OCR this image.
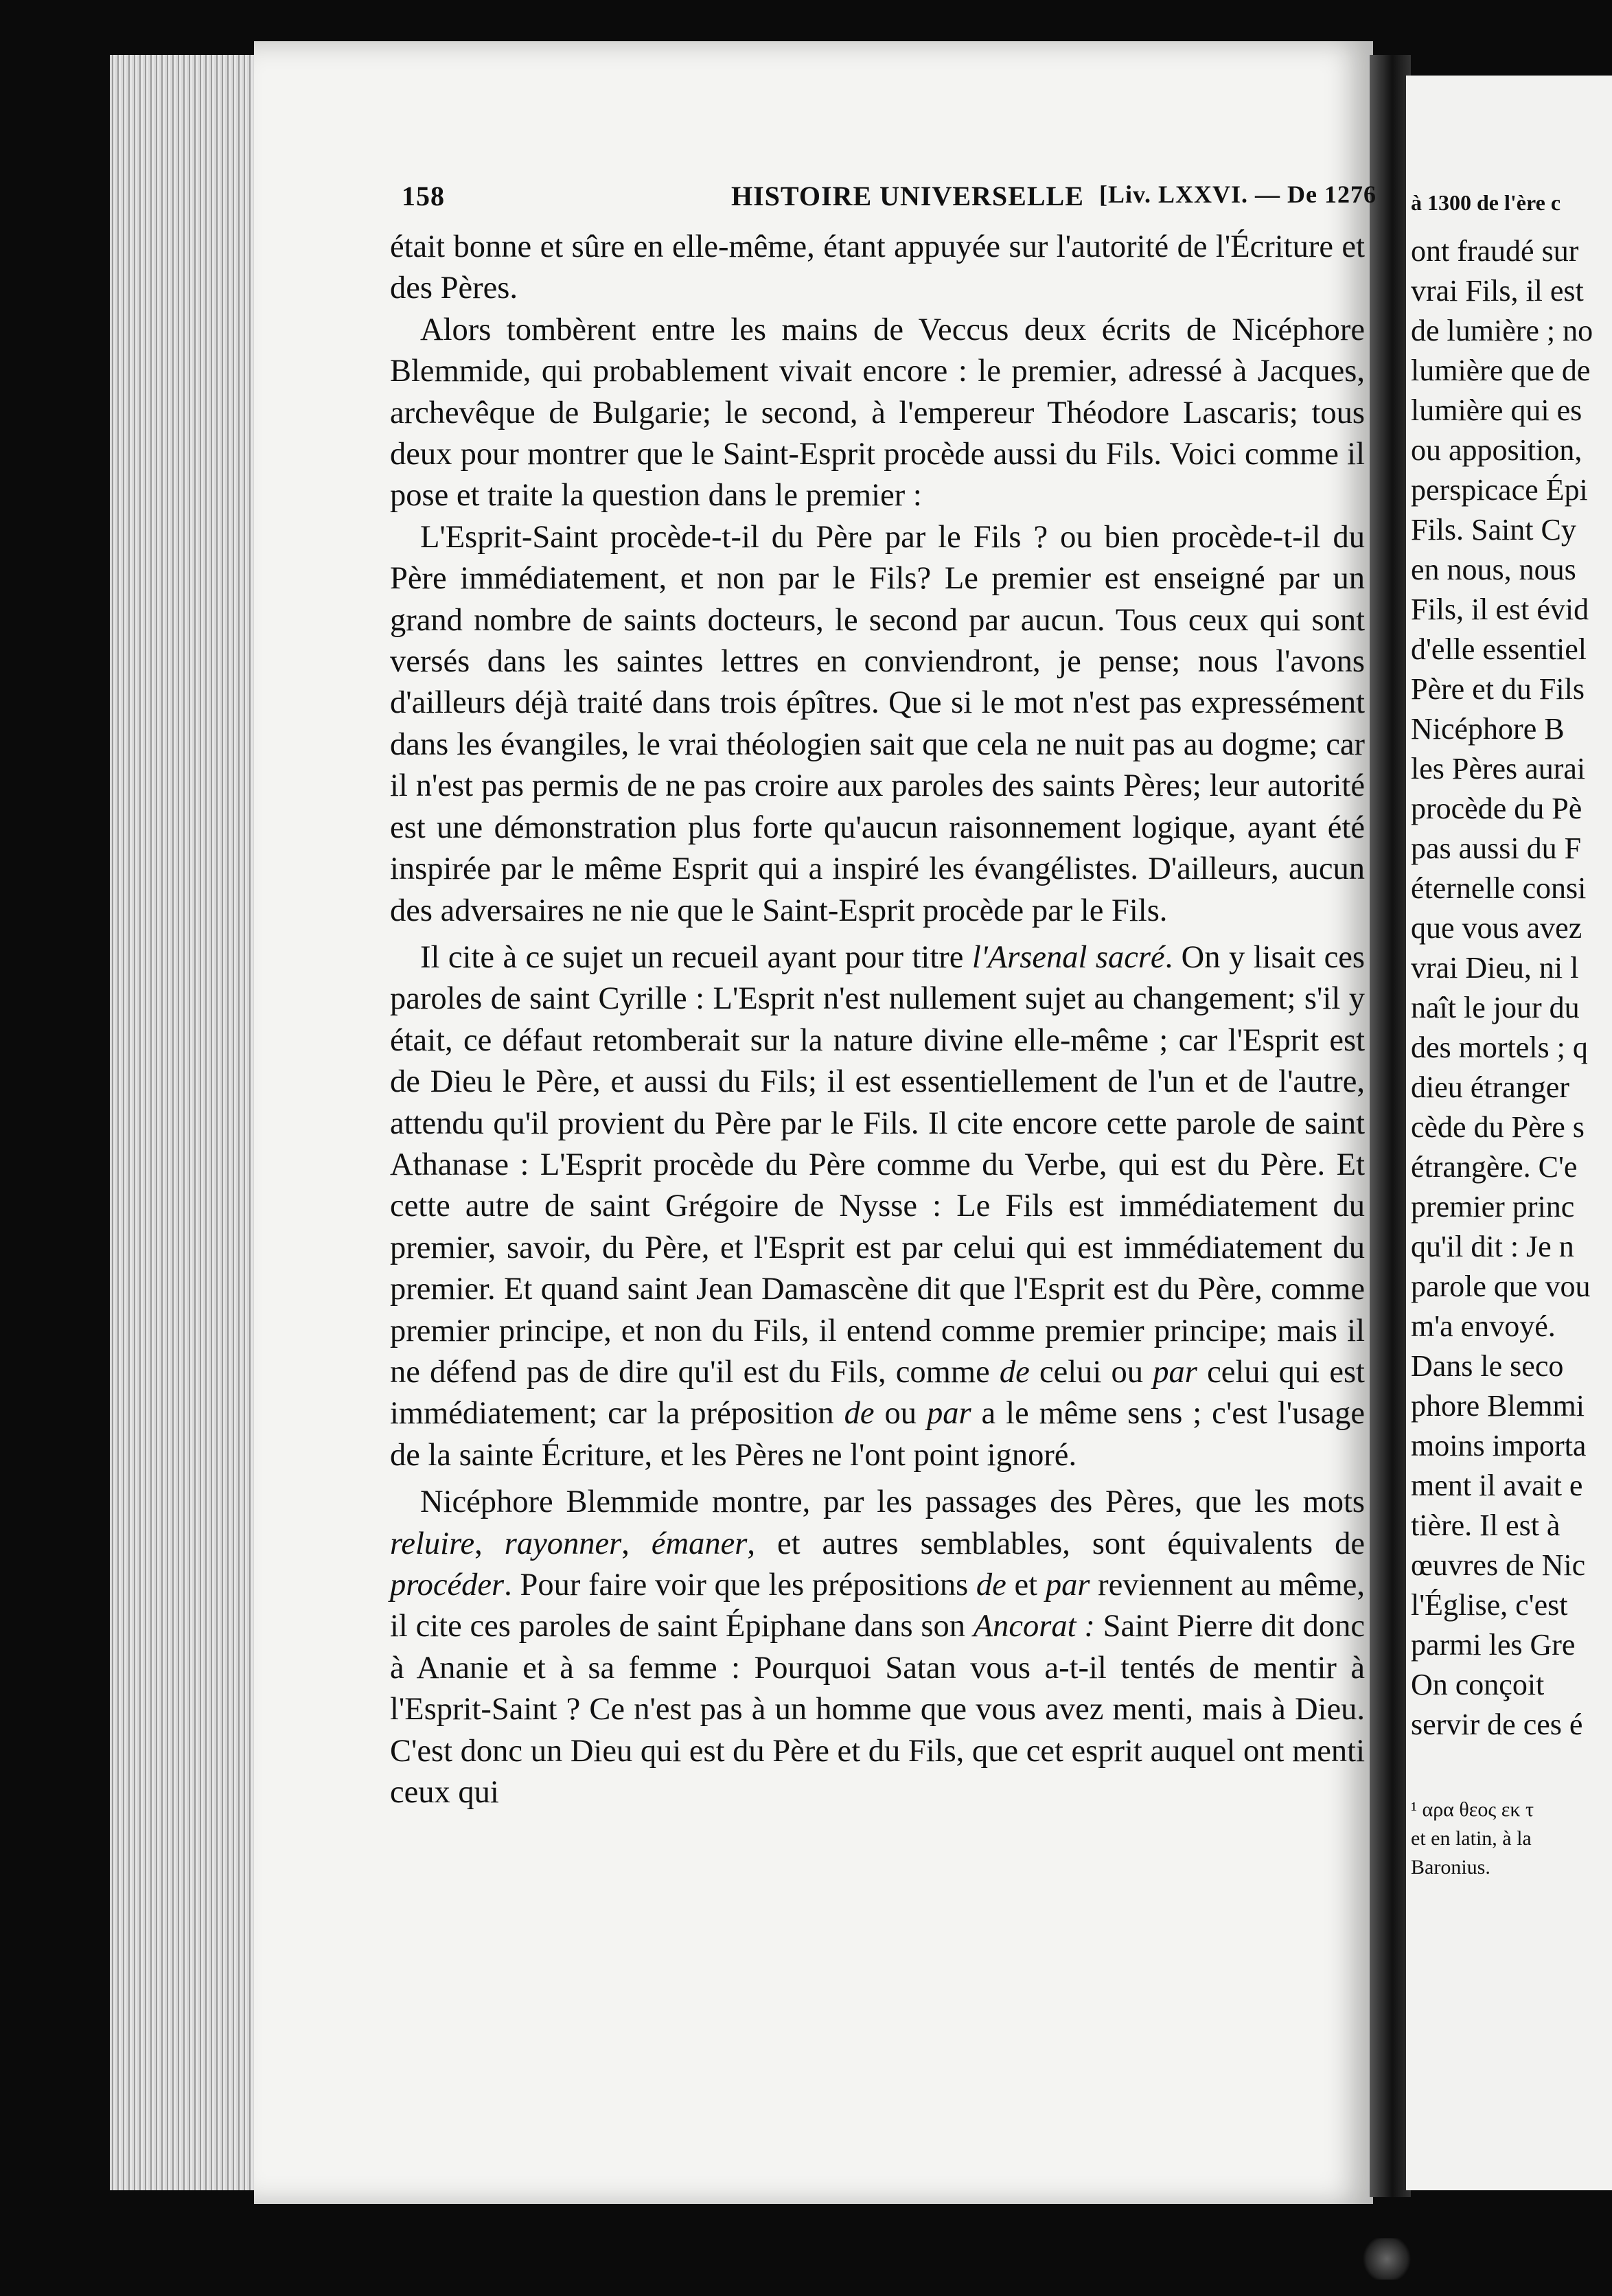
158	HISTOIRE UNIVERSELLE [Liv. LXXVI. — De 1276

était bonne et sûre en elle-même, étant appuyée sur l'autorité de l'Écriture et des Pères.

Alors tombèrent entre les mains de Veccus deux écrits de Nicéphore Blemmide, qui probablement vivait encore : le premier, adressé à Jacques, archevêque de Bulgarie; le second, à l'empereur Théodore Lascaris; tous deux pour montrer que le Saint-Esprit procède aussi du Fils. Voici comme il pose et traite la question dans le premier :

L'Esprit-Saint procède-t-il du Père par le Fils ? ou bien procède-t-il du Père immédiatement, et non par le Fils? Le premier est enseigné par un grand nombre de saints docteurs, le second par aucun. Tous ceux qui sont versés dans les saintes lettres en conviendront, je pense; nous l'avons d'ailleurs déjà traité dans trois épîtres. Que si le mot n'est pas expressément dans les évangiles, le vrai théologien sait que cela ne nuit pas au dogme; car il n'est pas permis de ne pas croire aux paroles des saints Pères; leur autorité est une démonstration plus forte qu'aucun raisonnement logique, ayant été inspirée par le même Esprit qui a inspiré les évangélistes. D'ailleurs, aucun des adversaires ne nie que le Saint-Esprit procède par le Fils.

Il cite à ce sujet un recueil ayant pour titre l'Arsenal sacré. On y lisait ces paroles de saint Cyrille : L'Esprit n'est nullement sujet au changement; s'il y était, ce défaut retomberait sur la nature divine elle-même ; car l'Esprit est de Dieu le Père, et aussi du Fils; il est essentiellement de l'un et de l'autre, attendu qu'il provient du Père par le Fils. Il cite encore cette parole de saint Athanase : L'Esprit procède du Père comme du Verbe, qui est du Père. Et cette autre de saint Grégoire de Nysse : Le Fils est immédiatement du premier, savoir, du Père, et l'Esprit est par celui qui est immédiatement du premier. Et quand saint Jean Damascène dit que l'Esprit est du Père, comme premier principe, et non du Fils, il entend comme premier principe; mais il ne défend pas de dire qu'il est du Fils, comme de celui ou par celui qui est immédiatement; car la préposition de ou par a le même sens ; c'est l'usage de la sainte Écriture, et les Pères ne l'ont point ignoré.

Nicéphore Blemmide montre, par les passages des Pères, que les mots reluire, rayonner, émaner, et autres semblables, sont équivalents de procéder. Pour faire voir que les prépositions de et par reviennent au même, il cite ces paroles de saint Épiphane dans son Ancorat : Saint Pierre dit donc à Ananie et à sa femme : Pourquoi Satan vous a-t-il tentés de mentir à l'Esprit-Saint ? Ce n'est pas à un homme que vous avez menti, mais à Dieu. C'est donc un Dieu qui est du Père et du Fils, que cet esprit auquel ont menti ceux qui

à 1300 de l'ère c
ont fraudé sur
vrai Fils, il est
de lumière ; no
lumière que de
lumière qui es
ou apposition,
perspicace Épi
Fils. Saint Cy
en nous, nous
Fils, il est évid
d'elle essentiel
Père et du Fils
Nicéphore B
les Pères aurai
procède du Pè
pas aussi du F
éternelle consi
que vous avez
vrai Dieu, ni l
naît le jour du
des mortels ; q
dieu étranger
cède du Père s
étrangère. C'e
premier princ
qu'il dit : Je n
parole que vou
m'a envoyé.
Dans le seco
phore Blemmi
moins importa
ment il avait e
tière. Il est à
œuvres de Nic
l'Église, c'est
parmi les Gre
On conçoit
servir de ces é
¹ αρα θεος εκ τ
et en latin, à la
Baronius.
